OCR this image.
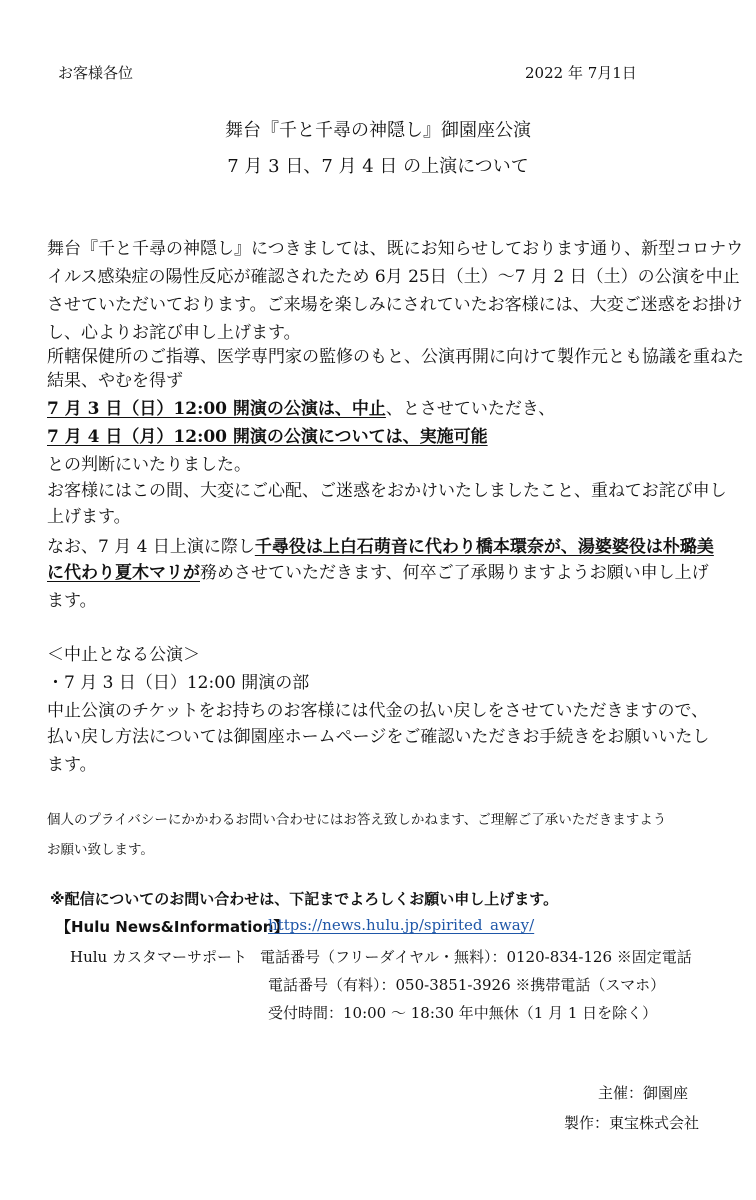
お客様各位	2022 年 7月1日

舞台『千と千尋の神隠し』御園座公演

7 月 3 日、7 月 4 日 の上演について

舞台『千と千尋の神隠し』につきましては、既にお知らせしております通り、新型コロナウ

イルス感染症の陽性反応が確認されたため 6月 25日（土）〜7 月 2 日（土）の公演を中止

させていただいております。ご来場を楽しみにされていたお客様には、大変ご迷惑をお掛け

し、心よりお詫び申し上げます。

所轄保健所のご指導、医学専門家の監修のもと、公演再開に向けて製作元とも協議を重ねた

結果、やむを得ず

7 月 3 日（日）12:00 開演の公演は、中止、とさせていただき、

7 月 4 日（月）12:00 開演の公演については、実施可能

との判断にいたりました。

お客様にはこの間、大変にご心配、ご迷惑をおかけいたしましたこと、重ねてお詫び申し

上げます。

なお、7 月 4 日上演に際し千尋役は上白石萌音に代わり橋本環奈が、湯婆婆役は朴璐美

に代わり夏木マリが務めさせていただきます、何卒ご了承賜りますようお願い申し上げ

ます。

＜中止となる公演＞

・7 月 3 日（日）12:00 開演の部

中止公演のチケットをお持ちのお客様には代金の払い戻しをさせていただきますので、

払い戻し方法については御園座ホームページをご確認いただきお手続きをお願いいたし

ます。

個人のプライバシーにかかわるお問い合わせにはお答え致しかねます、ご理解ご了承いただきますよう

お願い致します。

※配信についてのお問い合わせは、下記までよろしくお願い申し上げます。

【Hulu News&Information】

https://news.hulu.jp/spirited_away/

Hulu カスタマーサポート 電話番号（フリーダイヤル・無料）：0120-834-126 ※固定電話

電話番号（有料）：050-3851-3926 ※携帯電話（スマホ）

受付時間：10:00 〜 18:30 年中無休（1 月 1 日を除く）

主催：御園座

製作：東宝株式会社
